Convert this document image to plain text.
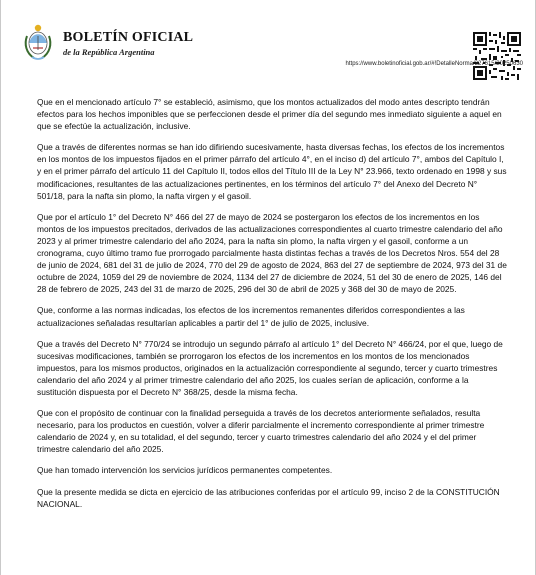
BOLETÍN OFICIAL
de la República Argentina
https://www.boletinoficial.gob.ar/#!DetalleNorma/327615/20250630

Que en el mencionado artículo 7° se estableció, asimismo, que los montos actualizados del modo antes descripto tendrán efectos para los hechos imponibles que se perfeccionen desde el primer día del segundo mes inmediato siguiente a aquel en que se efectúe la actualización, inclusive.

Que a través de diferentes normas se han ido difiriendo sucesivamente, hasta diversas fechas, los efectos de los incrementos en los montos de los impuestos fijados en el primer párrafo del artículo 4°, en el inciso d) del artículo 7°, ambos del Capítulo I, y en el primer párrafo del artículo 11 del Capítulo II, todos ellos del Título III de la Ley N° 23.966, texto ordenado en 1998 y sus modificaciones, resultantes de las actualizaciones pertinentes, en los términos del artículo 7° del Anexo del Decreto N° 501/18, para la nafta sin plomo, la nafta virgen y el gasoil.

Que por el artículo 1° del Decreto N° 466 del 27 de mayo de 2024 se postergaron los efectos de los incrementos en los montos de los impuestos precitados, derivados de las actualizaciones correspondientes al cuarto trimestre calendario del año 2023 y al primer trimestre calendario del año 2024, para la nafta sin plomo, la nafta virgen y el gasoil, conforme a un cronograma, cuyo último tramo fue prorrogado parcialmente hasta distintas fechas a través de los Decretos Nros. 554 del 28 de junio de 2024, 681 del 31 de julio de 2024, 770 del 29 de agosto de 2024, 863 del 27 de septiembre de 2024, 973 del 31 de octubre de 2024, 1059 del 29 de noviembre de 2024, 1134 del 27 de diciembre de 2024, 51 del 30 de enero de 2025, 146 del 28 de febrero de 2025, 243 del 31 de marzo de 2025, 296 del 30 de abril de 2025 y 368 del 30 de mayo de 2025.

Que, conforme a las normas indicadas, los efectos de los incrementos remanentes diferidos correspondientes a las actualizaciones señaladas resultarían aplicables a partir del 1° de julio de 2025, inclusive.

Que a través del Decreto N° 770/24 se introdujo un segundo párrafo al artículo 1° del Decreto N° 466/24, por el que, luego de sucesivas modificaciones, también se prorrogaron los efectos de los incrementos en los montos de los mencionados impuestos, para los mismos productos, originados en la actualización correspondiente al segundo, tercer y cuarto trimestres calendario del año 2024 y al primer trimestre calendario del año 2025, los cuales serían de aplicación, conforme a la sustitución dispuesta por el Decreto N° 368/25, desde la misma fecha.

Que con el propósito de continuar con la finalidad perseguida a través de los decretos anteriormente señalados, resulta necesario, para los productos en cuestión, volver a diferir parcialmente el incremento correspondiente al primer trimestre calendario de 2024 y, en su totalidad, el del segundo, tercer y cuarto trimestres calendario del año 2024 y el del primer trimestre calendario del año 2025.

Que han tomado intervención los servicios jurídicos permanentes competentes.

Que la presente medida se dicta en ejercicio de las atribuciones conferidas por el artículo 99, inciso 2 de la CONSTITUCIÓN NACIONAL.
